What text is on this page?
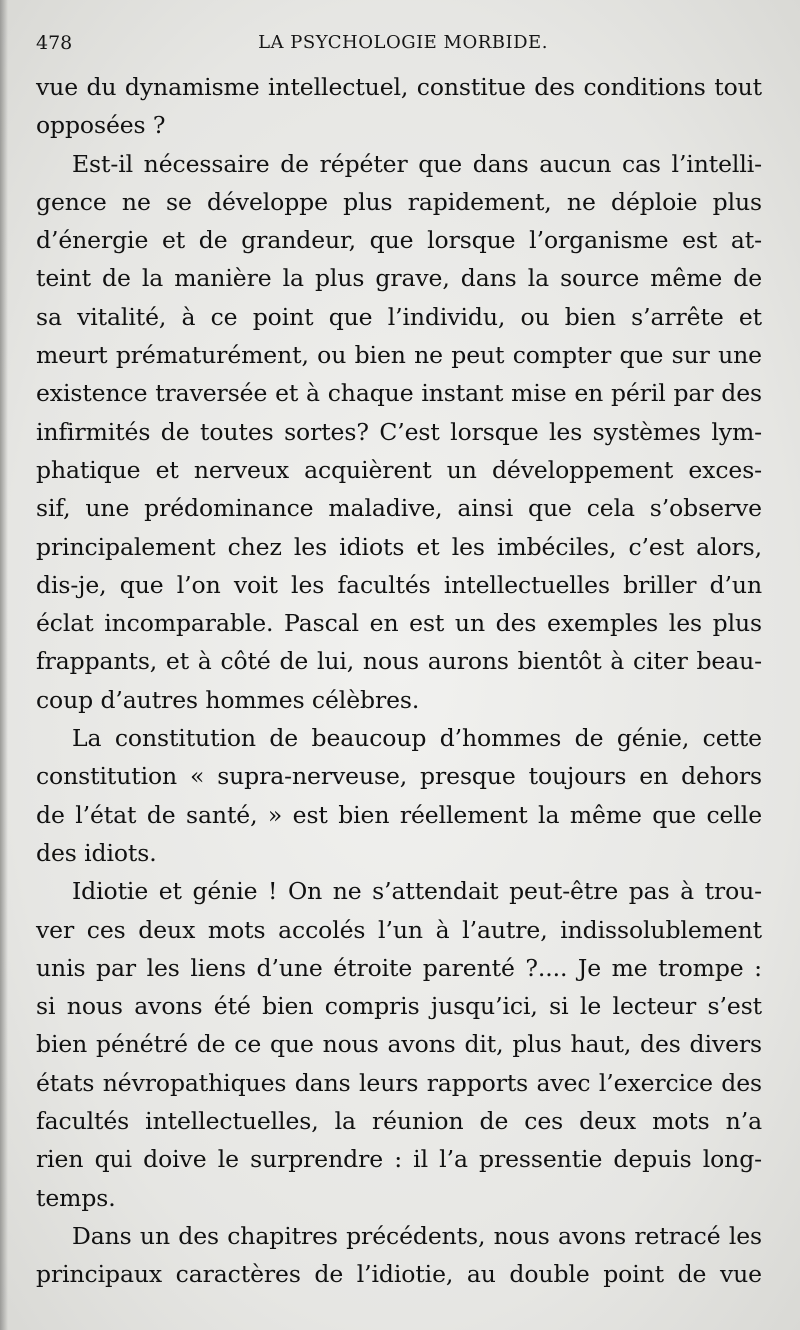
478	LA PSYCHOLOGIE MORBIDE.
vue du dynamisme intellectuel, constitue des conditions tout
opposées ?
Est-il nécessaire de répéter que dans aucun cas l’intelli-
gence ne se développe plus rapidement, ne déploie plus
d’énergie et de grandeur, que lorsque l’organisme est at-
teint de la manière la plus grave, dans la source même de
sa vitalité, à ce point que l’individu, ou bien s’arrête et
meurt prématurément, ou bien ne peut compter que sur une
existence traversée et à chaque instant mise en péril par des
infirmités de toutes sortes? C’est lorsque les systèmes lym-
phatique et nerveux acquièrent un développement exces-
sif, une prédominance maladive, ainsi que cela s’observe
principalement chez les idiots et les imbéciles, c’est alors,
dis-je, que l’on voit les facultés intellectuelles briller d’un
éclat incomparable. Pascal en est un des exemples les plus
frappants, et à côté de lui, nous aurons bientôt à citer beau-
coup d’autres hommes célèbres.
La constitution de beaucoup d’hommes de génie, cette
constitution « supra-nerveuse, presque toujours en dehors
de l’état de santé, » est bien réellement la même que celle
des idiots.
Idiotie et génie ! On ne s’attendait peut-être pas à trou-
ver ces deux mots accolés l’un à l’autre, indissolublement
unis par les liens d’une étroite parenté ?.... Je me trompe :
si nous avons été bien compris jusqu’ici, si le lecteur s’est
bien pénétré de ce que nous avons dit, plus haut, des divers
états névropathiques dans leurs rapports avec l’exercice des
facultés intellectuelles, la réunion de ces deux mots n’a
rien qui doive le surprendre : il l’a pressentie depuis long-
temps.
Dans un des chapitres précédents, nous avons retracé les
principaux caractères de l’idiotie, au double point de vue
